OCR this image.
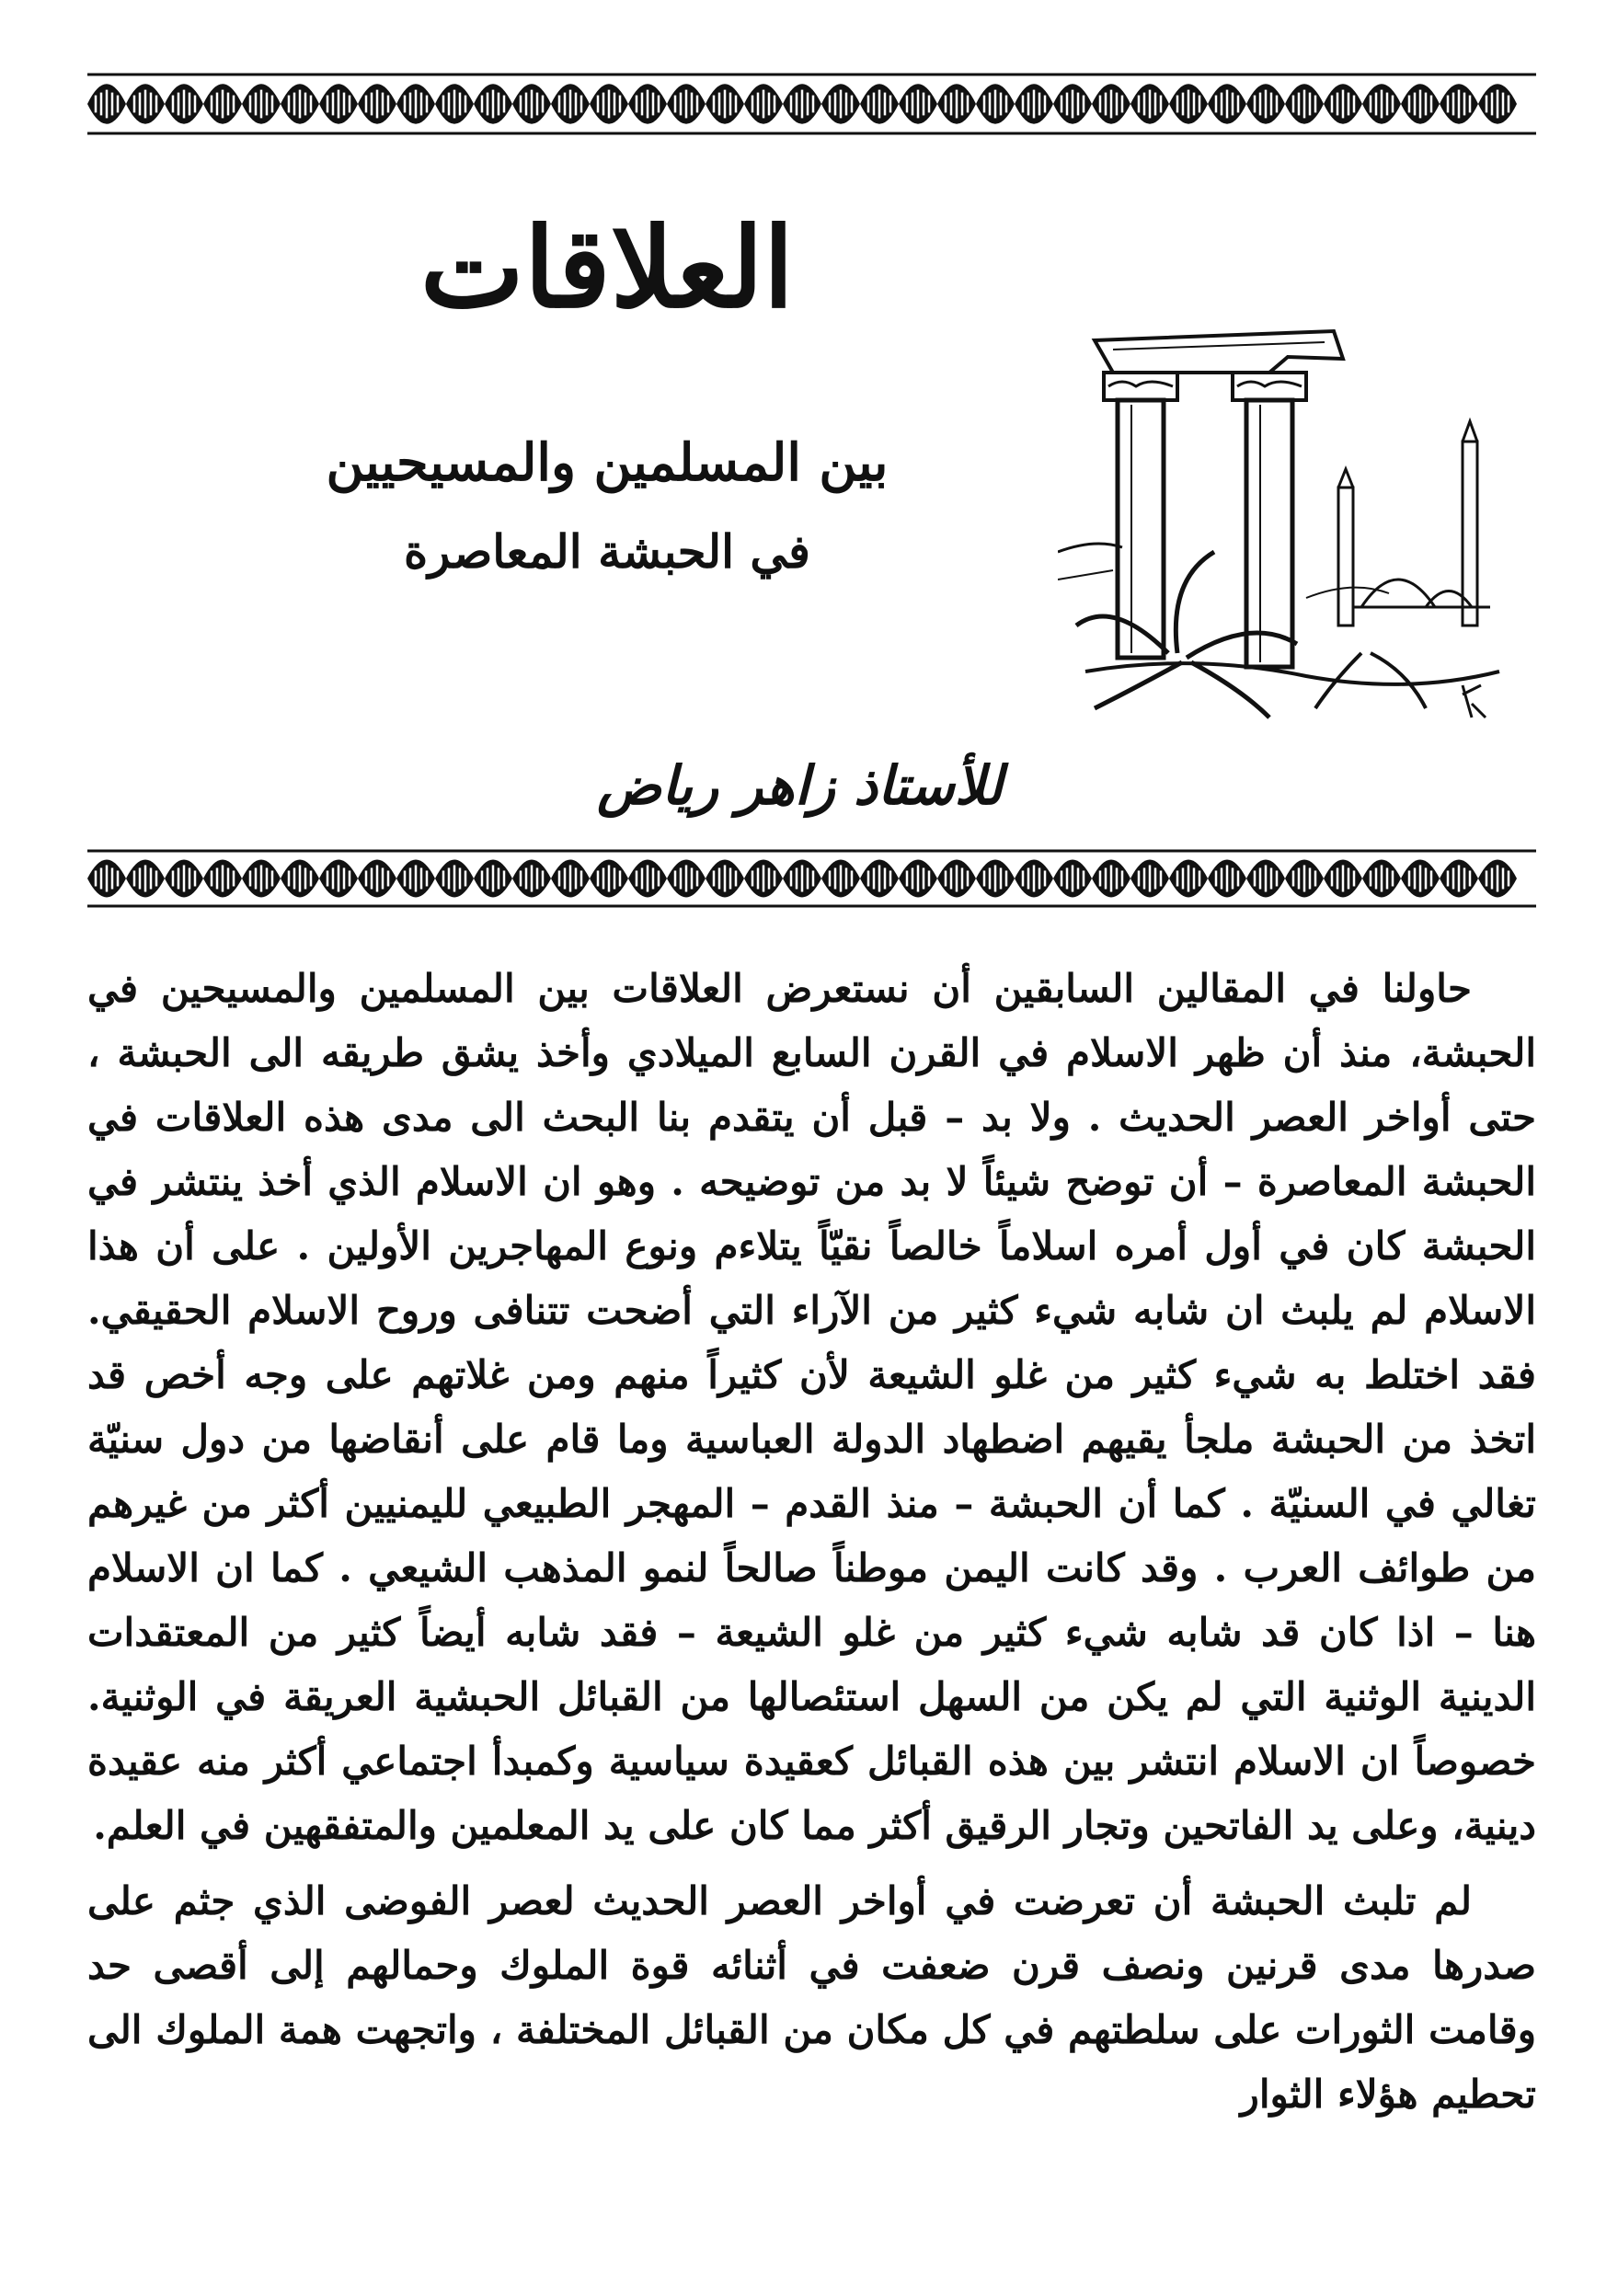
العلاقات
بين المسلمين والمسيحيين
في الحبشة المعاصرة
للأستاذ زاهر رياض

حاولنا في المقالين السابقين أن نستعرض العلاقات بين المسلمين والمسيحين في الحبشة، منذ أن ظهر الاسلام في القرن السابع الميلادي وأخذ يشق طريقه الى الحبشة ، حتى أواخر العصر الحديث . ولا بد – قبل أن يتقدم بنا البحث الى مدى هذه العلاقات في الحبشة المعاصرة – أن توضح شيئاً لا بد من توضيحه . وهو ان الاسلام الذي أخذ ينتشر في الحبشة كان في أول أمره اسلاماً خالصاً نقيّاً يتلاءم ونوع المهاجرين الأولين . على أن هذا الاسلام لم يلبث ان شابه شيء كثير من الآراء التي أضحت تتنافى وروح الاسلام الحقيقي. فقد اختلط به شيء كثير من غلو الشيعة لأن كثيراً منهم ومن غلاتهم على وجه أخص قد اتخذ من الحبشة ملجأ يقيهم اضطهاد الدولة العباسية وما قام على أنقاضها من دول سنيّة تغالي في السنيّة . كما أن الحبشة – منذ القدم – المهجر الطبيعي لليمنيين أكثر من غيرهم من طوائف العرب . وقد كانت اليمن موطناً صالحاً لنمو المذهب الشيعي . كما ان الاسلام هنا – اذا كان قد شابه شيء كثير من غلو الشيعة – فقد شابه أيضاً كثير من المعتقدات الدينية الوثنية التي لم يكن من السهل استئصالها من القبائل الحبشية العريقة في الوثنية. خصوصاً ان الاسلام انتشر بين هذه القبائل كعقيدة سياسية وكمبدأ اجتماعي أكثر منه عقيدة دينية، وعلى يد الفاتحين وتجار الرقيق أكثر مما كان على يد المعلمين والمتفقهين في العلم.

لم تلبث الحبشة أن تعرضت في أواخر العصر الحديث لعصر الفوضى الذي جثم على صدرها مدى قرنين ونصف قرن ضعفت في أثنائه قوة الملوك وحمالهم إلى أقصى حد وقامت الثورات على سلطتهم في كل مكان من القبائل المختلفة ، واتجهت همة الملوك الى تحطيم هؤلاء الثوار
